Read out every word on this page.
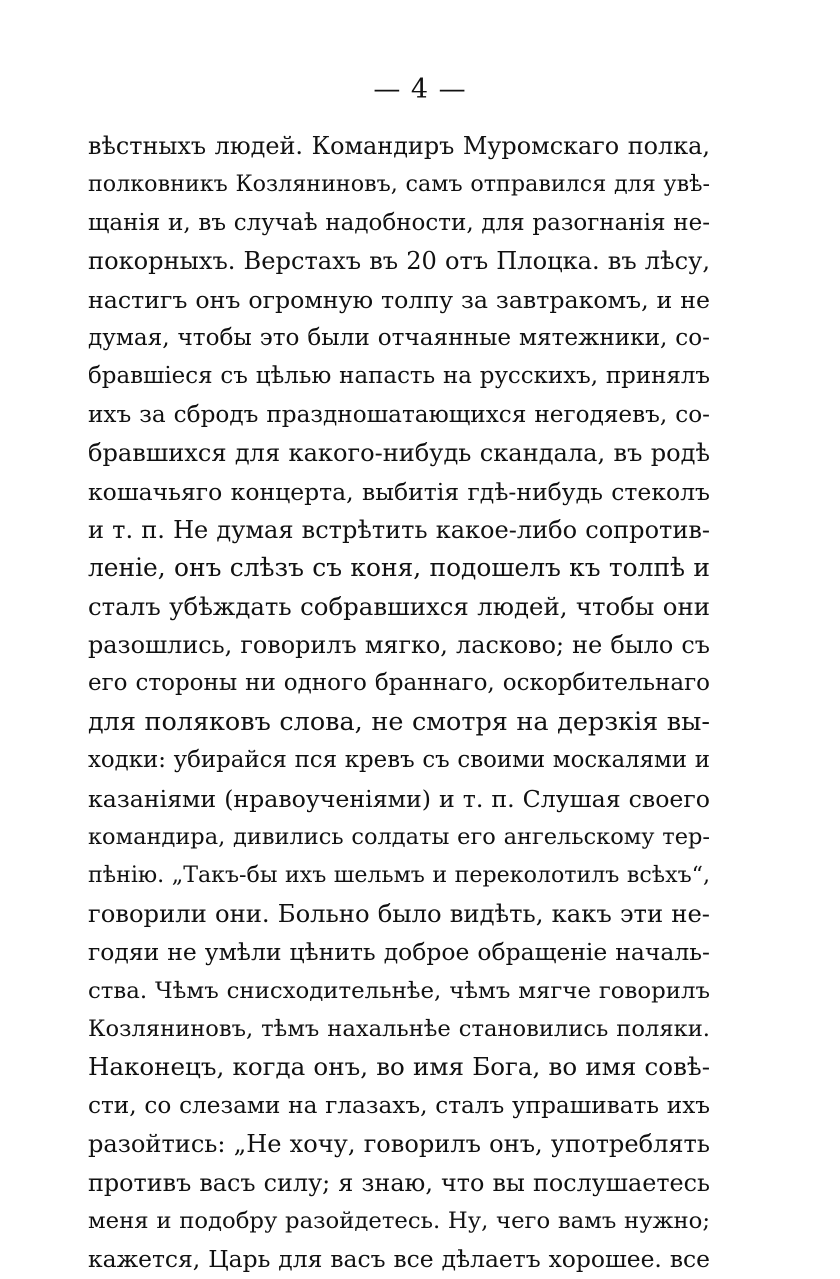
— 4 —
вѣстныхъ людей. Командиръ Муромскаго полка,
полковникъ Козляниновъ, самъ отправился для увѣ-
щанія и, въ случаѣ надобности, для разогнанія не-
покорныхъ. Верстахъ въ 20 отъ Плоцка. въ лѣсу,
настигъ онъ огромную толпу за завтракомъ, и не
думая, чтобы это были отчаянные мятежники, со-
бравшіеся съ цѣлью напасть на русскихъ, принялъ
ихъ за сбродъ празднoшатающихся негодяевъ, со-
бравшихся для какого-нибудь скандала, въ родѣ
кошачьяго концерта, выбитія гдѣ-нибудь стеколъ
и т. п. Не думая встрѣтить какое-либо сопротив-
леніе, онъ слѣзъ съ коня, подошелъ къ толпѣ и
сталъ убѣждать собравшихся людей, чтобы они
разошлись, говорилъ мягко, ласково; не было съ
его стороны ни одного браннаго, оскорбительнаго
для поляковъ слова, не смотря на дерзкія вы-
ходки: убирайся пся кревъ съ своими москалями и
казаніями (нравоученіями) и т. п. Слушая своего
командира, дивились солдаты его ангельскому тер-
пѣнію. „Такъ-бы ихъ шельмъ и переколотилъ всѣхъ“,
говорили они. Больно было видѣть, какъ эти не-
годяи не умѣли цѣнить доброе обращеніе началь-
ства. Чѣмъ снисходительнѣе, чѣмъ мягче говорилъ
Козляниновъ, тѣмъ нахальнѣе становились поляки.
Наконецъ, когда онъ, во имя Бога, во имя совѣ-
сти, со слезами на глазахъ, сталъ упрашивать ихъ
разойтись: „Не хочу, говорилъ онъ, употреблять
противъ васъ силу; я знаю, что вы послушаетесь
меня и подобру разойдетесь. Ну, чего вамъ нужно;
кажется, Царь для васъ все дѣлаетъ хорошее. все
